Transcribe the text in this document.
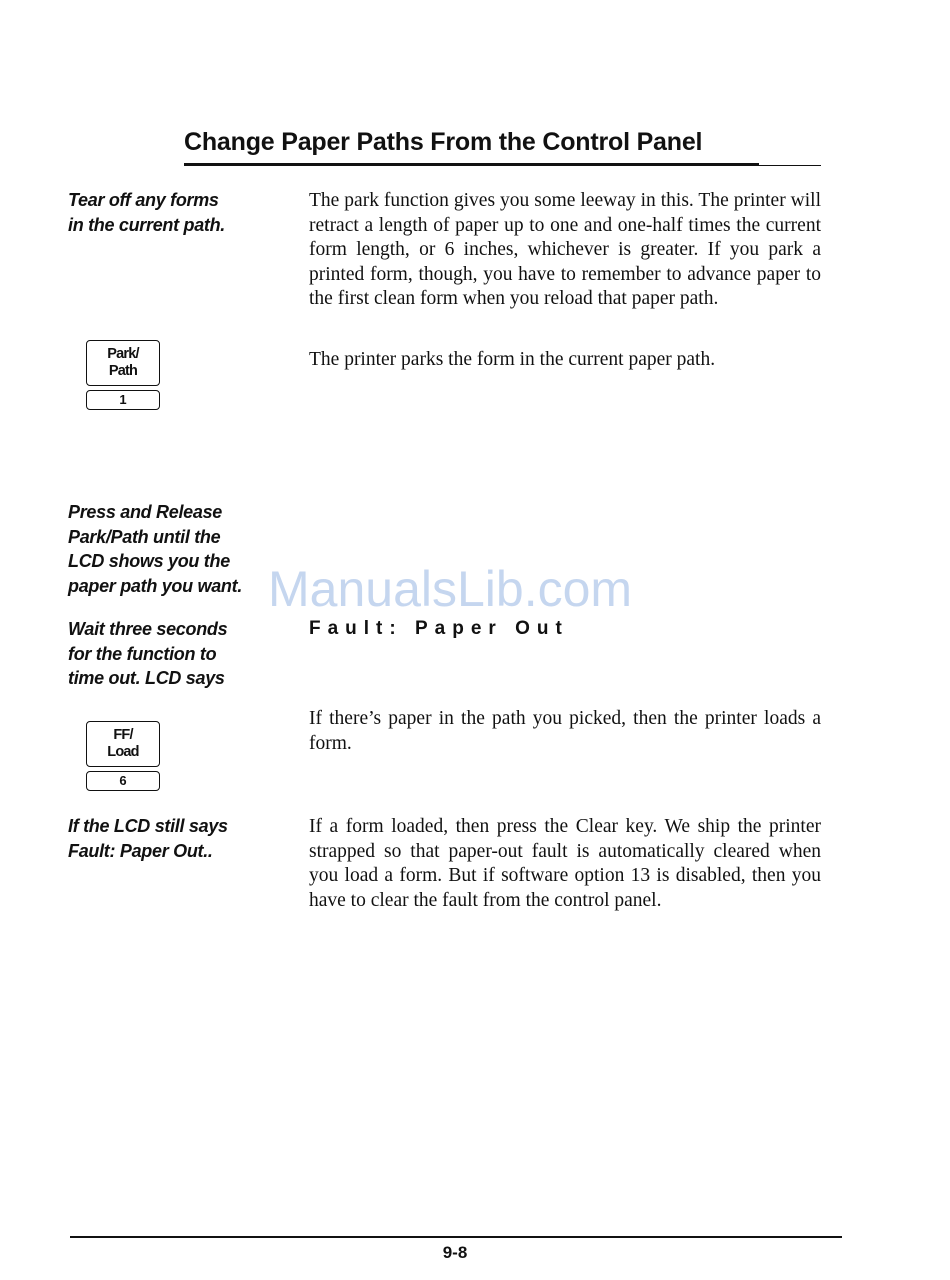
Change Paper Paths From the Control Panel

Tear off any forms
in the current path.

The park function gives you some leeway in this. The printer will retract a length of paper up to one and one-half times the current form length, or 6 inches, whichever is greater. If you park a printed form, though, you have to remember to advance paper to the first clean form when you reload that paper path.

Park/
Path
1

The printer parks the form in the current paper path.

Press and Release
Park/Path until the
LCD shows you the
paper path you want. ManualsLib.com

Wait three seconds
for the function to
time out. LCD says

Fault: Paper Out

FF/
Load
6

If there’s paper in the path you picked, then the printer loads a form.

If the LCD still says
Fault: Paper Out..

If a form loaded, then press the Clear key. We ship the printer strapped so that paper-out fault is automatically cleared when you load a form. But if software option 13 is disabled, then you have to clear the fault from the control panel.

9-8
